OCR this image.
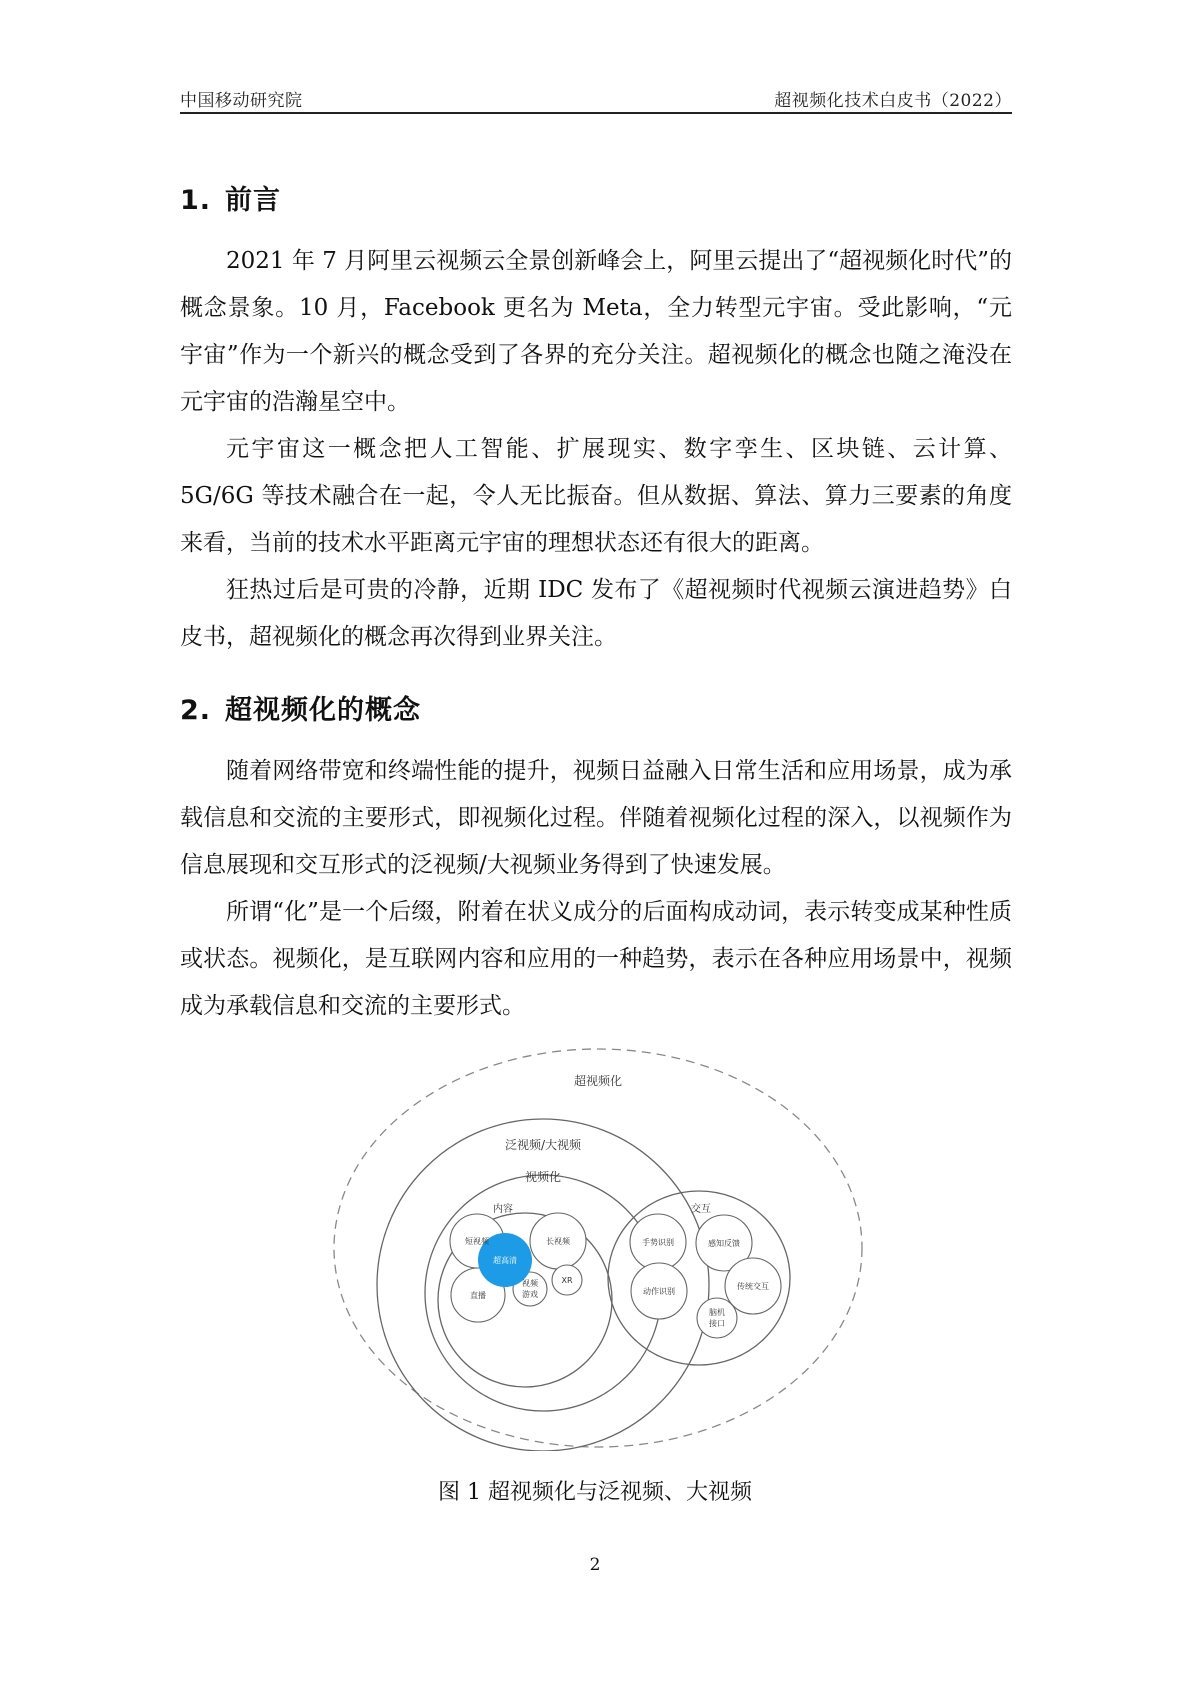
中国移动研究院	超视频化技术白皮书（2022）
1. 前言

2021 年 7 月阿里云视频云全景创新峰会上，阿里云提出了“超视频化时代”的概念景象。10 月，Facebook 更名为 Meta，全力转型元宇宙。受此影响，“元宇宙”作为一个新兴的概念受到了各界的充分关注。超视频化的概念也随之淹没在元宇宙的浩瀚星空中。

元宇宙这一概念把人工智能、扩展现实、数字孪生、区块链、云计算、5G/6G 等技术融合在一起，令人无比振奋。但从数据、算法、算力三要素的角度来看，当前的技术水平距离元宇宙的理想状态还有很大的距离。

狂热过后是可贵的冷静，近期 IDC 发布了《超视频时代视频云演进趋势》白皮书，超视频化的概念再次得到业界关注。

2. 超视频化的概念

随着网络带宽和终端性能的提升，视频日益融入日常生活和应用场景，成为承载信息和交流的主要形式，即视频化过程。伴随着视频化过程的深入，以视频作为信息展现和交互形式的泛视频/大视频业务得到了快速发展。

所谓“化”是一个后缀，附着在状义成分的后面构成动词，表示转变成某种性质或状态。视频化，是互联网内容和应用的一种趋势，表示在各种应用场景中，视频成为承载信息和交流的主要形式。

超视频化
泛视频/大视频
视频化
内容	交互
短视频	长视频
超高清
XR
视频
游戏
直播
手势识别	感知反馈
动作识别
传统交互
脑机
接口
图 1 超视频化与泛视频、大视频
2
